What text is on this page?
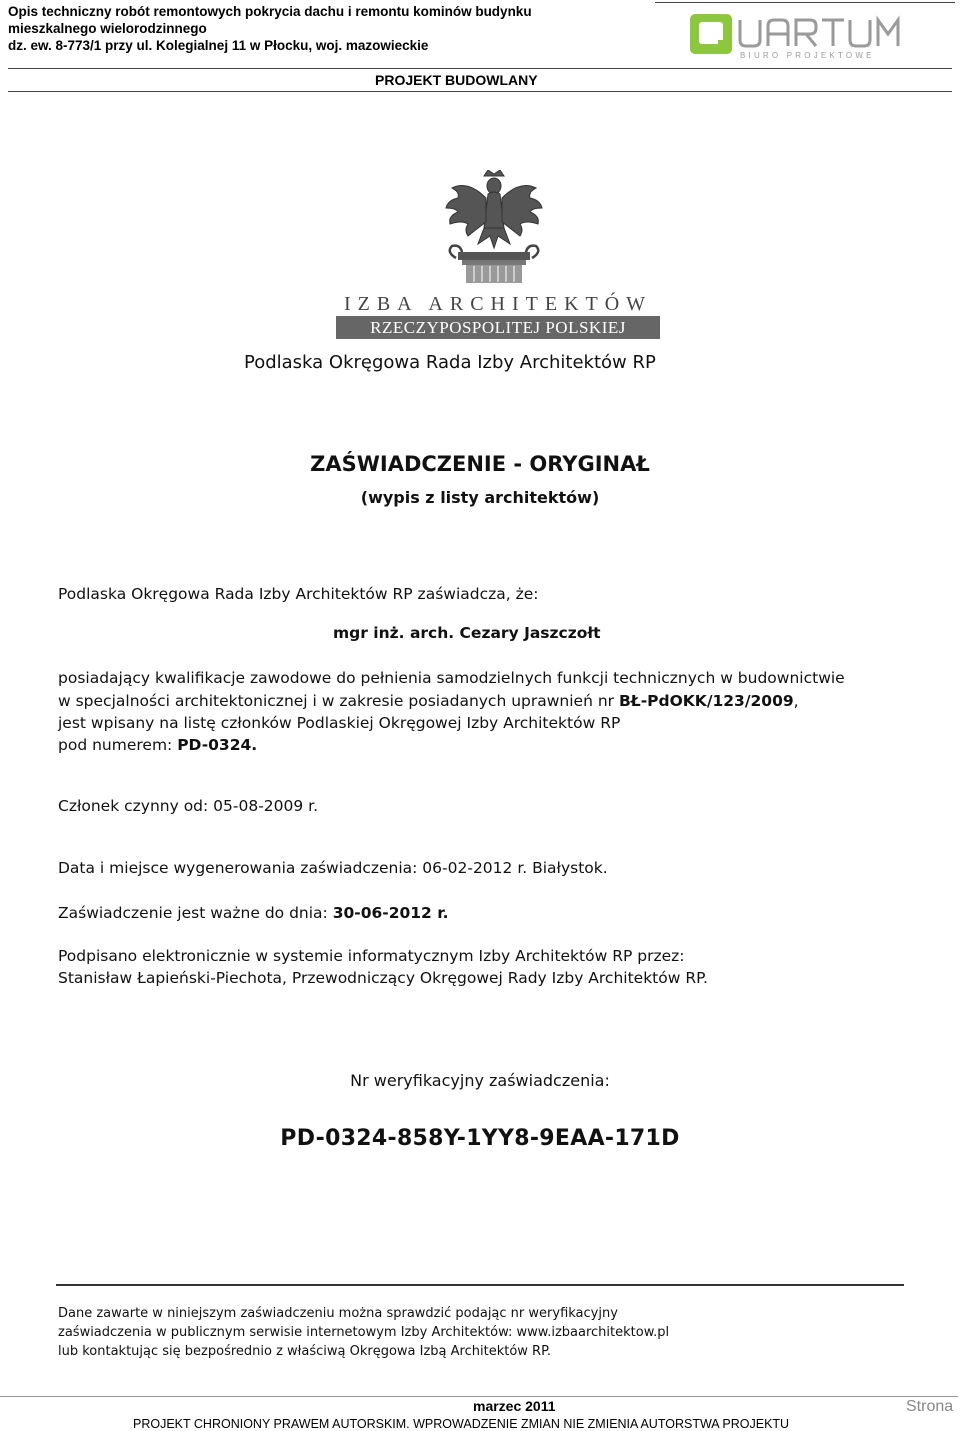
Opis techniczny robót remontowych pokrycia dachu i remontu kominów budynku
mieszkalnego wielorodzinnego
dz. ew. 8-773/1 przy ul. Kolegialnej 11 w Płocku, woj. mazowieckie
BIURO PROJEKTOWE
PROJEKT BUDOWLANY
IZBA ARCHITEKTÓW
RZECZYPOSPOLITEJ POLSKIEJ
Podlaska Okręgowa Rada Izby Architektów RP
ZAŚWIADCZENIE - ORYGINAŁ
(wypis z listy architektów)
Podlaska Okręgowa Rada Izby Architektów RP zaświadcza, że:
mgr inż. arch. Cezary Jaszczołt
posiadający kwalifikacje zawodowe do pełnienia samodzielnych funkcji technicznych w budownictwie
w specjalności architektonicznej i w zakresie posiadanych uprawnień nr BŁ-PdOKK/123/2009,
jest wpisany na listę członków Podlaskiej Okręgowej Izby Architektów RP
pod numerem: PD-0324.
Członek czynny od: 05-08-2009 r.
Data i miejsce wygenerowania zaświadczenia: 06-02-2012 r. Białystok.
Zaświadczenie jest ważne do dnia: 30-06-2012 r.
Podpisano elektronicznie w systemie informatycznym Izby Architektów RP przez:
Stanisław Łapieński-Piechota, Przewodniczący Okręgowej Rady Izby Architektów RP.
Nr weryfikacyjny zaświadczenia:
PD-0324-858Y-1YY8-9EAA-171D
Dane zawarte w niniejszym zaświadczeniu można sprawdzić podając nr weryfikacyjny
zaświadczenia w publicznym serwisie internetowym Izby Architektów: www.izbaarchitektow.pl
lub kontaktując się bezpośrednio z właściwą Okręgowa Izbą Architektów RP.
marzec 2011
PROJEKT CHRONIONY PRAWEM AUTORSKIM. WPROWADZENIE ZMIAN NIE ZMIENIA AUTORSTWA PROJEKTU
Strona
